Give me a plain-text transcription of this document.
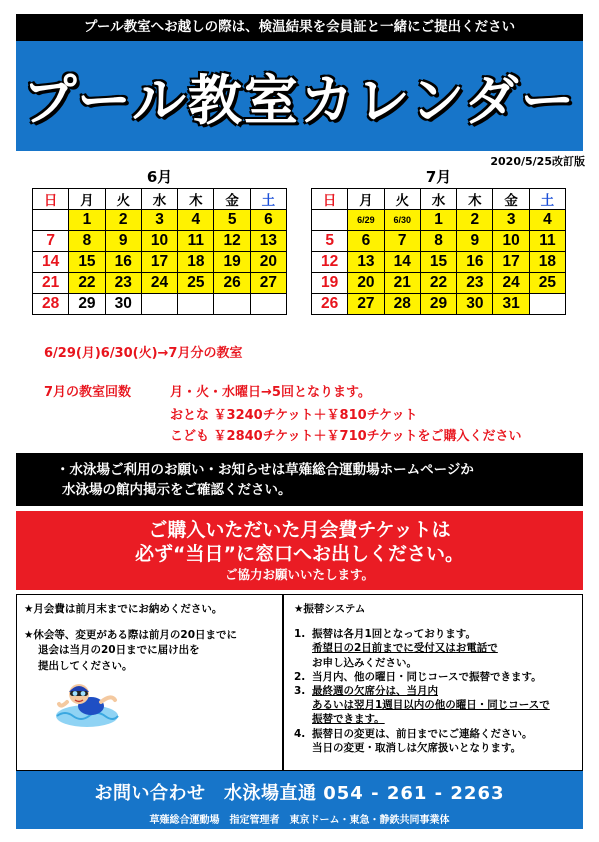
プール教室へお越しの際は、検温結果を会員証と一緒にご提出ください
プール教室カレンダー
2020/5/25改訂版
6月
日	月	火	水	木	金	土
	1	2	3	4	5	6
7	8	9	10	11	12	13
14	15	16	17	18	19	20
21	22	23	24	25	26	27
28	29	30				
7月
日	月	火	水	木	金	土
	6/29	6/30	1	2	3	4
5	6	7	8	9	10	11
12	13	14	15	16	17	18
19	20	21	22	23	24	25
26	27	28	29	30	31	
6/29(月)6/30(火)→7月分の教室
7月の教室回数	月・火・水曜日→5回となります。
おとな ￥3240チケット＋￥810チケット
こども ￥2840チケット＋￥710チケットをご購入ください
・水泳場ご利用のお願い・お知らせは草薙総合運動場ホームページか
水泳場の館内掲示をご確認ください。
ご購入いただいた月会費チケットは
必ず“当日”に窓口へお出しください。
ご協力お願いいたします。
★月会費は前月末までにお納めください。
★休会等、変更がある際は前月の20日までに
退会は当月の20日までに届け出を
提出してください。
★振替システム
1. 振替は各月1回となっております。
希望日の2日前までに受付又はお電話で
お申し込みください。
2. 当月内、他の曜日・同じコースで振替できます。
3. 最終週の欠席分は、当月内
あるいは翌月1週目以内の他の曜日・同じコースで
振替できます。
4. 振替日の変更は、前日までにご連絡ください。
当日の変更・取消しは欠席扱いとなります。
お問い合わせ　水泳場直通 054 - 261 - 2263
草薙総合運動場　指定管理者　東京ドーム・東急・静鉄共同事業体
